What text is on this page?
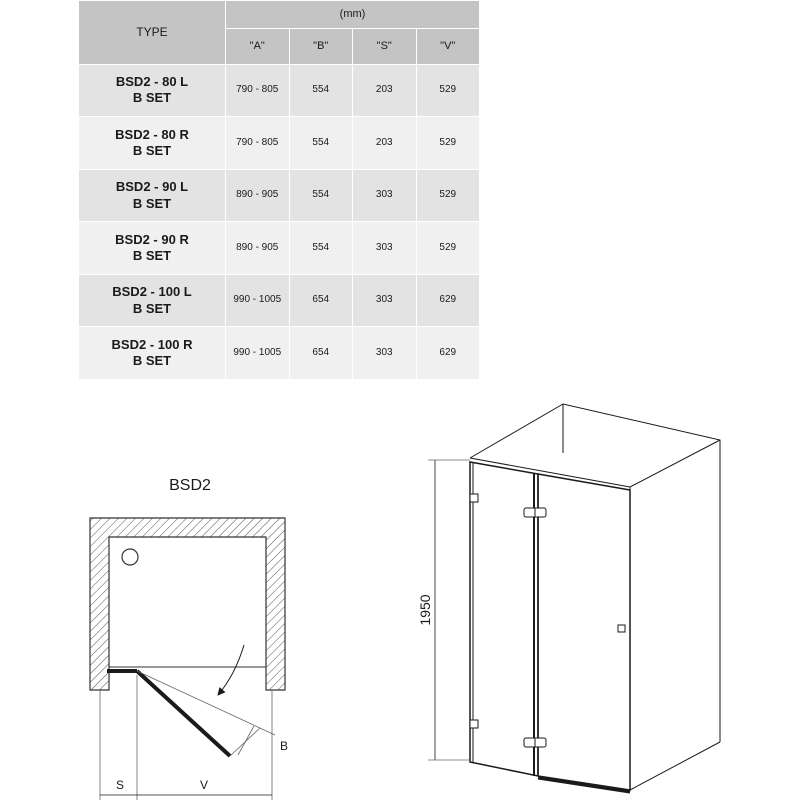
TYPE	(mm)			
	"A"	"B"	"S"	"V"
BSD2 - 80 L
B SET	790 - 805	554	203	529
BSD2 - 80 R
B SET	790 - 805	554	203	529
BSD2 - 90 L
B SET	890 - 905	554	303	529
BSD2 - 90 R
B SET	890 - 905	554	303	529
BSD2 - 100 L
B SET	990 - 1005	654	303	629
BSD2 - 100 R
B SET	990 - 1005	654	303	629
BSD2
S	V
B
1950
